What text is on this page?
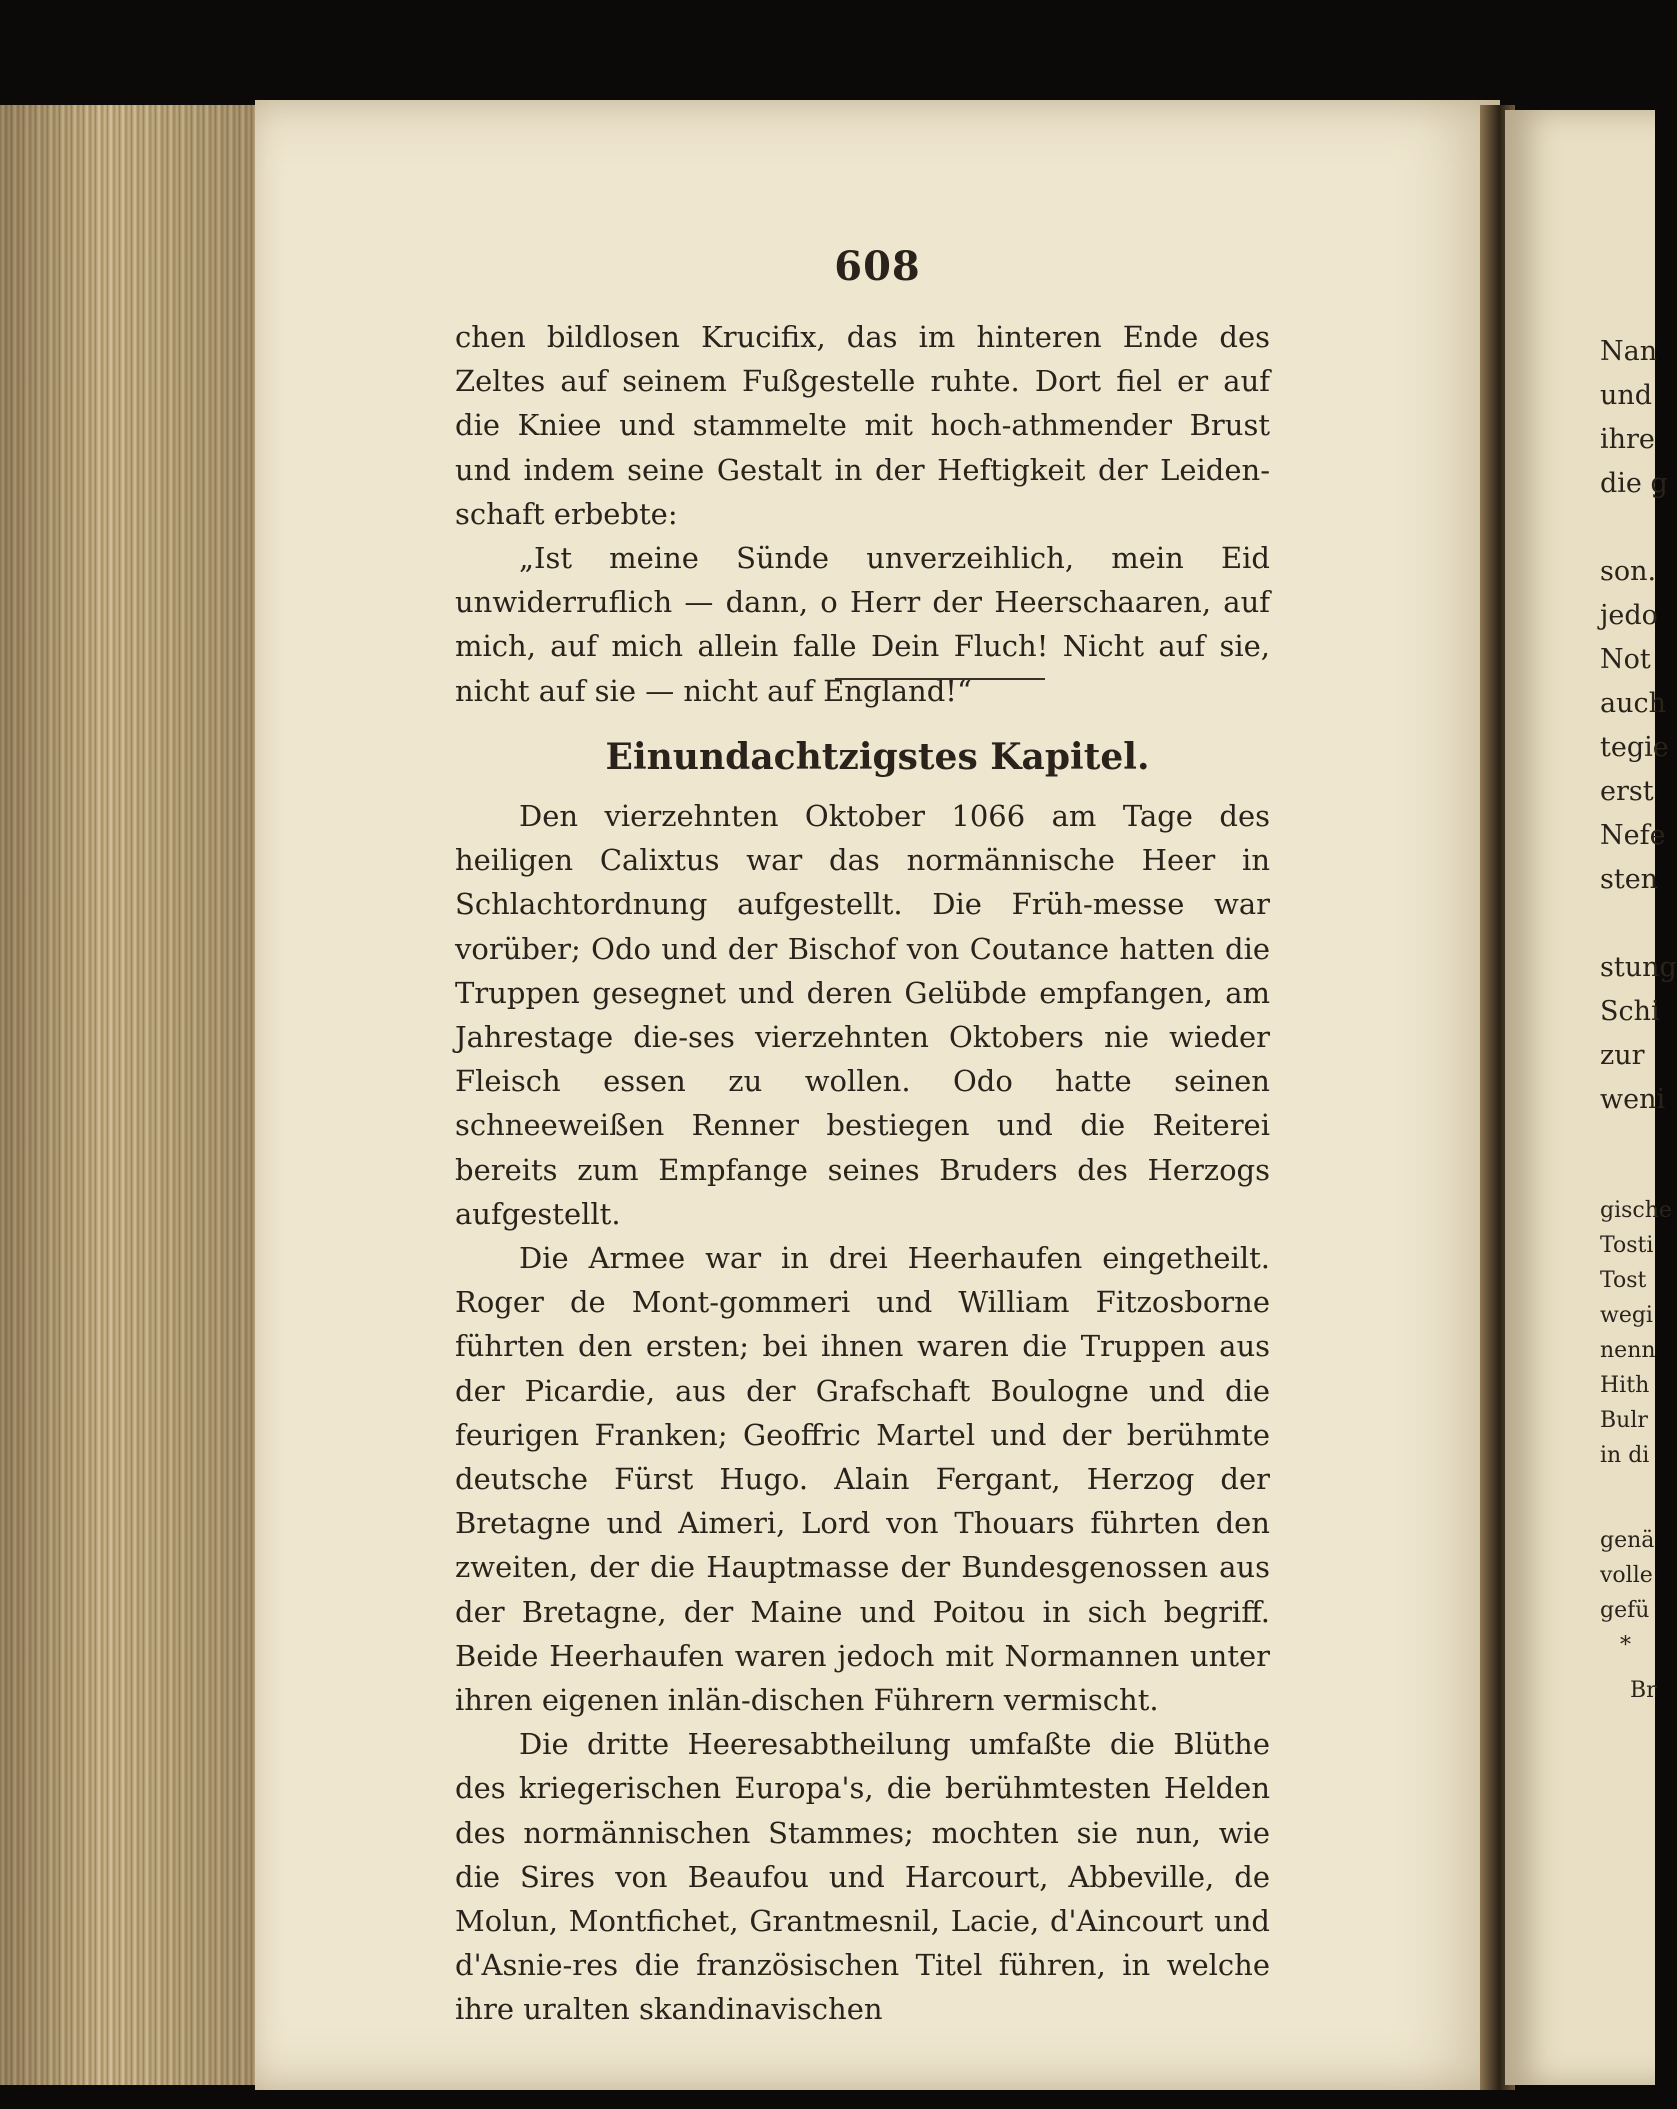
608

chen bildlosen Krucifix, das im hinteren Ende des Zeltes auf seinem Fußgestelle ruhte. Dort fiel er auf die Kniee und stammelte mit hoch-athmender Brust und indem seine Gestalt in der Heftigkeit der Leiden-schaft erbebte:

„Ist meine Sünde unverzeihlich, mein Eid unwiderruflich — dann, o Herr der Heerschaaren, auf mich, auf mich allein falle Dein Fluch! Nicht auf sie, nicht auf sie — nicht auf England!“

Einundachtzigstes Kapitel.

Den vierzehnten Oktober 1066 am Tage des heiligen Calixtus war das normännische Heer in Schlachtordnung aufgestellt. Die Früh-messe war vorüber; Odo und der Bischof von Coutance hatten die Truppen gesegnet und deren Gelübde empfangen, am Jahrestage die-ses vierzehnten Oktobers nie wieder Fleisch essen zu wollen. Odo hatte seinen schneeweißen Renner bestiegen und die Reiterei bereits zum Empfange seines Bruders des Herzogs aufgestellt.

Die Armee war in drei Heerhaufen eingetheilt. Roger de Mont-gommeri und William Fitzosborne führten den ersten; bei ihnen waren die Truppen aus der Picardie, aus der Grafschaft Boulogne und die feurigen Franken; Geoffric Martel und der berühmte deutsche Fürst Hugo. Alain Fergant, Herzog der Bretagne und Aimeri, Lord von Thouars führten den zweiten, der die Hauptmasse der Bundesgenossen aus der Bretagne, der Maine und Poitou in sich begriff. Beide Heerhaufen waren jedoch mit Normannen unter ihren eigenen inlän-dischen Führern vermischt.

Die dritte Heeresabtheilung umfaßte die Blüthe des kriegerischen Europa's, die berühmtesten Helden des normännischen Stammes; mochten sie nun, wie die Sires von Beaufou und Harcourt, Abbeville, de Molun, Montfichet, Grantmesnil, Lacie, d'Aincourt und d'Asnie-res die französischen Titel führen, in welche ihre uralten skandinavischen

Nan
und
ihre
die g
son.
jedo
Not
auch
tegie
erst
Nefe
sten
stung
Schi
zur
weni
gische
Tosti
Tost
wegi
nenn
Hith
Bulr
in di
genä
volle
gefü
*
Br
